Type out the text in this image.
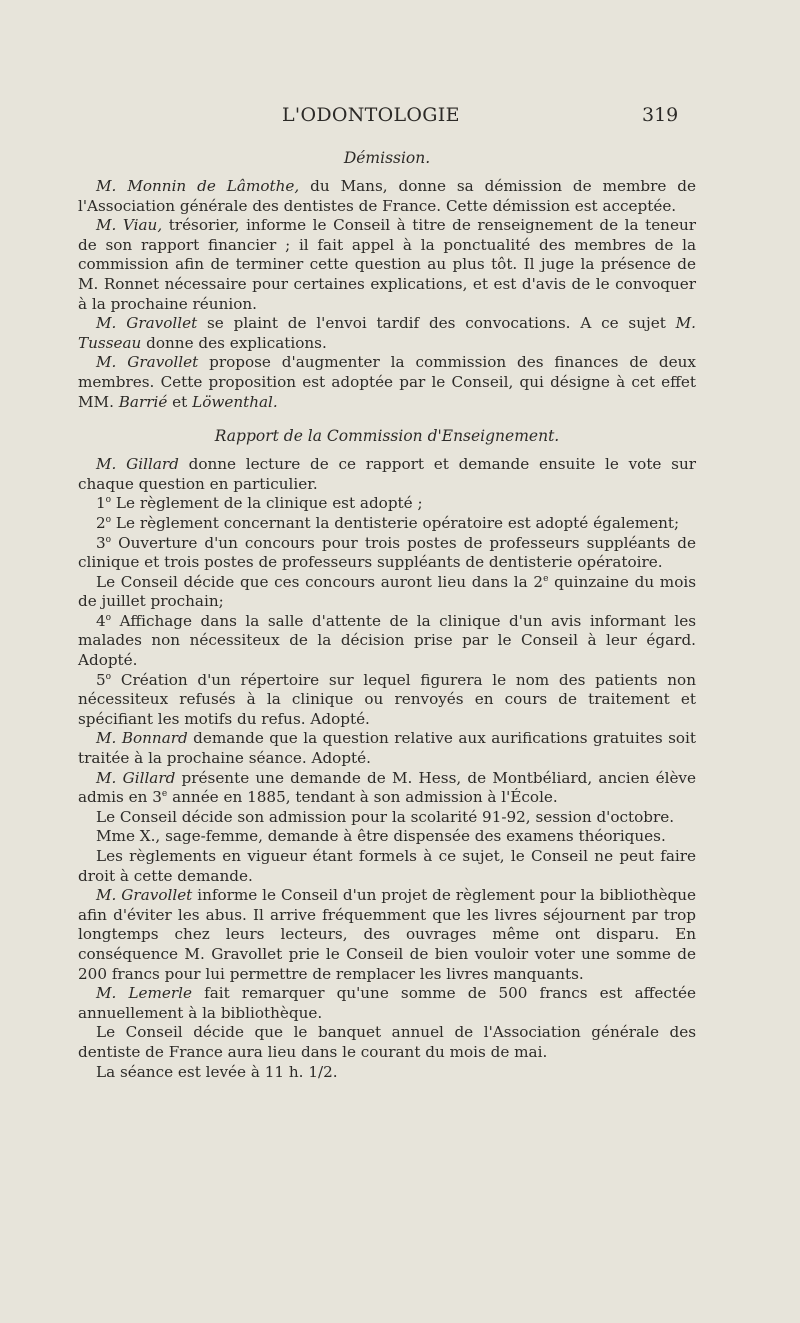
L'ODONTOLOGIE	319
Démission.

M. Monnin de Lâmothe, du Mans, donne sa démission de membre de l'Association générale des dentistes de France. Cette démission est acceptée.

M. Viau, trésorier, informe le Conseil à titre de renseignement de la teneur de son rapport financier ; il fait appel à la ponctualité des membres de la commission afin de terminer cette question au plus tôt. Il juge la présence de M. Ronnet nécessaire pour certaines explications, et est d'avis de le convoquer à la prochaine réunion.

M. Gravollet se plaint de l'envoi tardif des convocations. A ce sujet M. Tusseau donne des explications.

M. Gravollet propose d'augmenter la commission des finances de deux membres. Cette proposition est adoptée par le Conseil, qui désigne à cet effet MM. Barrié et Löwenthal.

Rapport de la Commission d'Enseignement.

M. Gillard donne lecture de ce rapport et demande ensuite le vote sur chaque question en particulier.

1$^o$ Le règlement de la clinique est adopté ;

2$^o$ Le règlement concernant la dentisterie opératoire est adopté également;

3$^o$ Ouverture d'un concours pour trois postes de professeurs suppléants de clinique et trois postes de professeurs suppléants de dentisterie opératoire.

Le Conseil décide que ces concours auront lieu dans la 2e quinzaine du mois de juillet prochain;

4$^o$ Affichage dans la salle d'attente de la clinique d'un avis informant les malades non nécessiteux de la décision prise par le Conseil à leur égard. Adopté.

5$^o$ Création d'un répertoire sur lequel figurera le nom des patients non nécessiteux refusés à la clinique ou renvoyés en cours de traitement et spécifiant les motifs du refus. Adopté.

M. Bonnard demande que la question relative aux aurifications gratuites soit traitée à la prochaine séance. Adopté.

M. Gillard présente une demande de M. Hess, de Montbéliard, ancien élève admis en 3e année en 1885, tendant à son admission à l'École.

Le Conseil décide son admission pour la scolarité 91-92, session d'octobre.

Mme X., sage-femme, demande à être dispensée des examens théoriques.

Les règlements en vigueur étant formels à ce sujet, le Conseil ne peut faire droit à cette demande.

M. Gravollet informe le Conseil d'un projet de règlement pour la bibliothèque afin d'éviter les abus. Il arrive fréquemment que les livres séjournent par trop longtemps chez leurs lecteurs, des ouvrages même ont disparu. En conséquence M. Gravollet prie le Conseil de bien vouloir voter une somme de 200 francs pour lui permettre de remplacer les livres manquants.

M. Lemerle fait remarquer qu'une somme de 500 francs est affectée annuellement à la bibliothèque.

Le Conseil décide que le banquet annuel de l'Association générale des dentiste de France aura lieu dans le courant du mois de mai.

La séance est levée à 11 h. 1/2.
